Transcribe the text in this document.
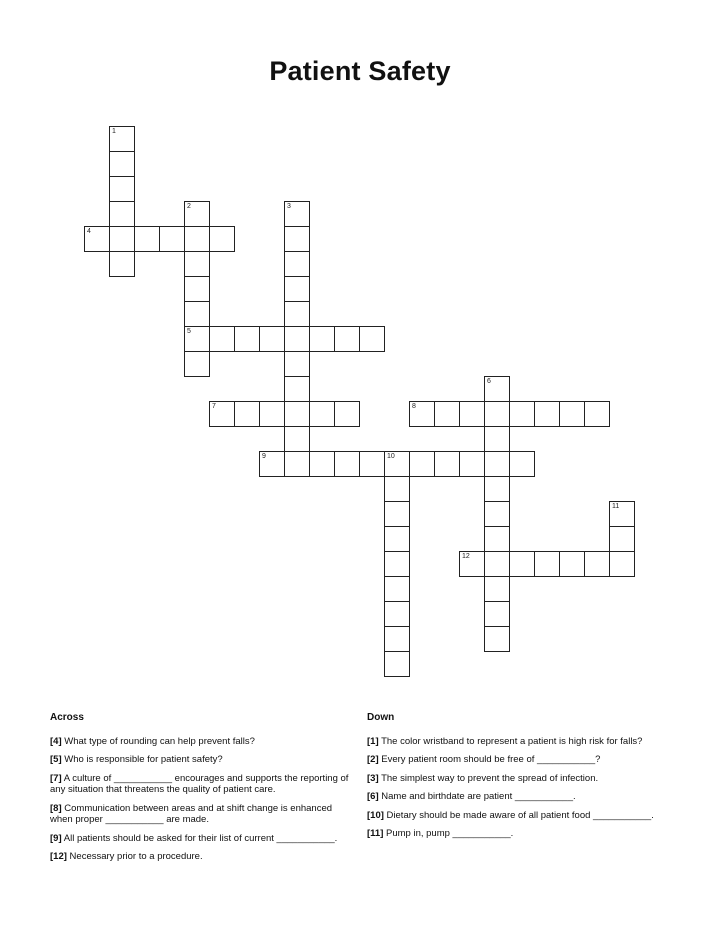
Patient Safety
1
2
5
3
4
6
7	8
9	10
11
12
Across
[4] What type of rounding can help prevent falls?
[5] Who is responsible for patient safety?
[7] A culture of ___________ encourages and supports the reporting of any situation that threatens the quality of patient care.
[8] Communication between areas and at shift change is enhanced when proper ___________ are made.
[9] All patients should be asked for their list of current ___________.
[12] Necessary prior to a procedure.
Down
[1] The color wristband to represent a patient is high risk for falls?
[2] Every patient room should be free of ___________?
[3] The simplest way to prevent the spread of infection.
[6] Name and birthdate are patient ___________.
[10] Dietary should be made aware of all patient food ___________.
[11] Pump in, pump ___________.
